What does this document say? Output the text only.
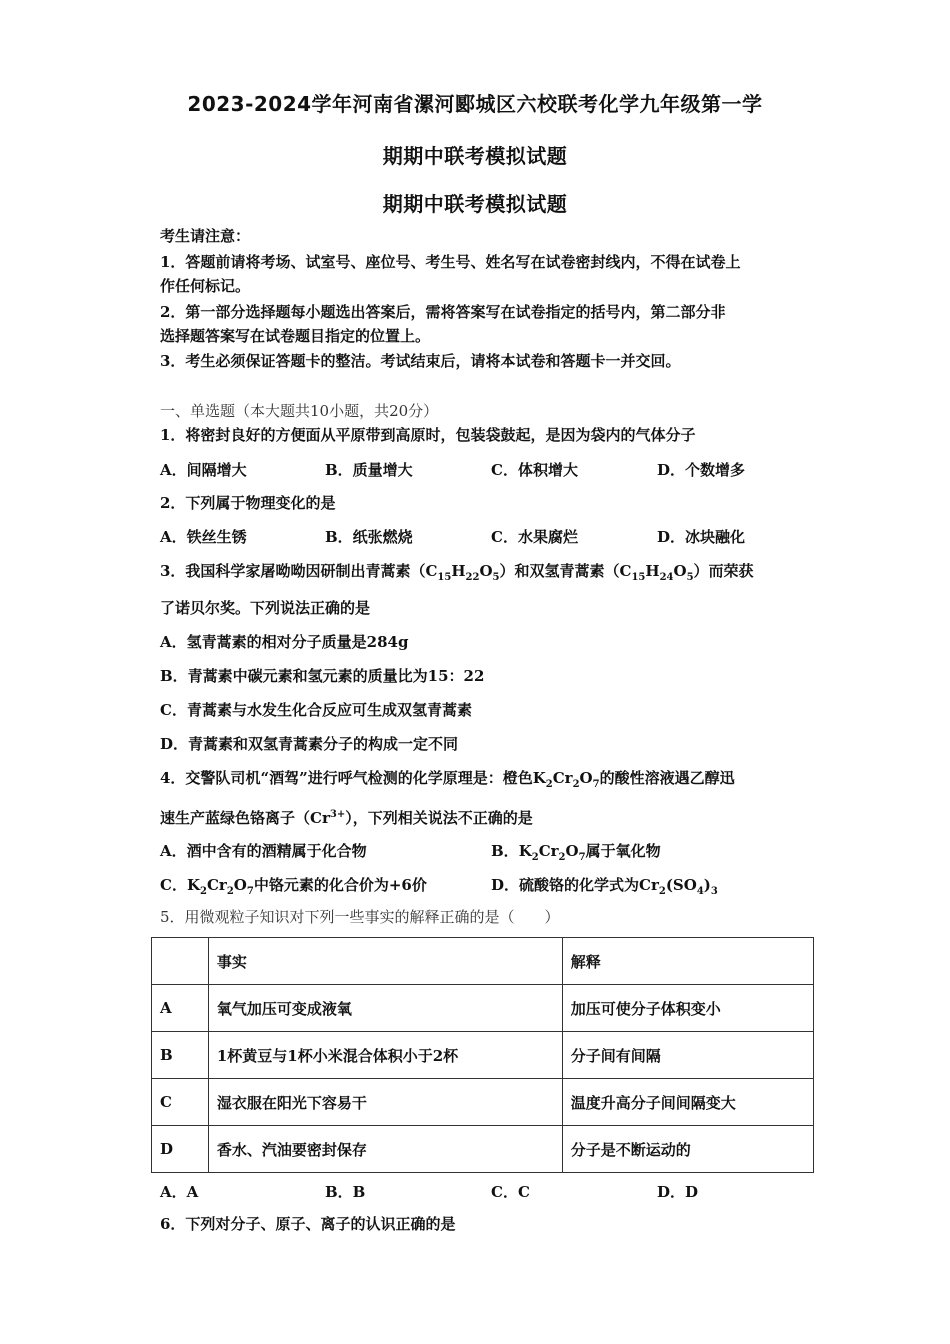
2023-2024学年河南省漯河郾城区六校联考化学九年级第一学
期期中联考模拟试题
期期中联考模拟试题
考生请注意：
1．答题前请将考场、试室号、座位号、考生号、姓名写在试卷密封线内，不得在试卷上
作任何标记。
2．第一部分选择题每小题选出答案后，需将答案写在试卷指定的括号内，第二部分非
选择题答案写在试卷题目指定的位置上。
3．考生必须保证答题卡的整洁。考试结束后，请将本试卷和答题卡一并交回。
一、单选题（本大题共10小题，共20分）
1．将密封良好的方便面从平原带到高原时，包装袋鼓起，是因为袋内的气体分子
A．间隔增大	B．质量增大	C．体积增大	D．个数增多
2．下列属于物理变化的是
A．铁丝生锈	B．纸张燃烧	C．水果腐烂	D．冰块融化
3．我国科学家屠呦呦因研制出青蒿素$(C_{15}H_{22}O_5)$和双氢青蒿素$(C_{15}H_{24}O_5)$而荣获
了诺贝尔奖。下列说法正确的是
A．氢青蒿素的相对分子质量是284g
B．青蒿素中碳元素和氢元素的质量比为15：22
C．青蒿素与水发生化合反应可生成双氢青蒿素
D．青蒿素和双氢青蒿素分子的构成一定不同
4．交警队司机“酒驾”进行呼气检测的化学原理是：橙色$K_2Cr_2O_7$的酸性溶液遇乙醇迅
速生产蓝绿色铬离子$(Cr^{3+})$，下列相关说法不正确的是
A．酒中含有的酒精属于化合物	B．$K_2Cr_2O_7$属于氧化物
C．$K_2Cr_2O_7$中铬元素的化合价为+6价	D．硫酸铬的化学式为$Cr_2(SO_4)_3$
5．用微观粒子知识对下列一些事实的解释正确的是（　　）
	事实	解释
A	氧气加压可变成液氧	加压可使分子体积变小
B	1杯黄豆与1杯小米混合体积小于2杯	分子间有间隔
C	湿衣服在阳光下容易干	温度升高分子间间隔变大
D	香水、汽油要密封保存	分子是不断运动的
A．A	B．B	C．C	D．D
6．下列对分子、原子、离子的认识正确的是
